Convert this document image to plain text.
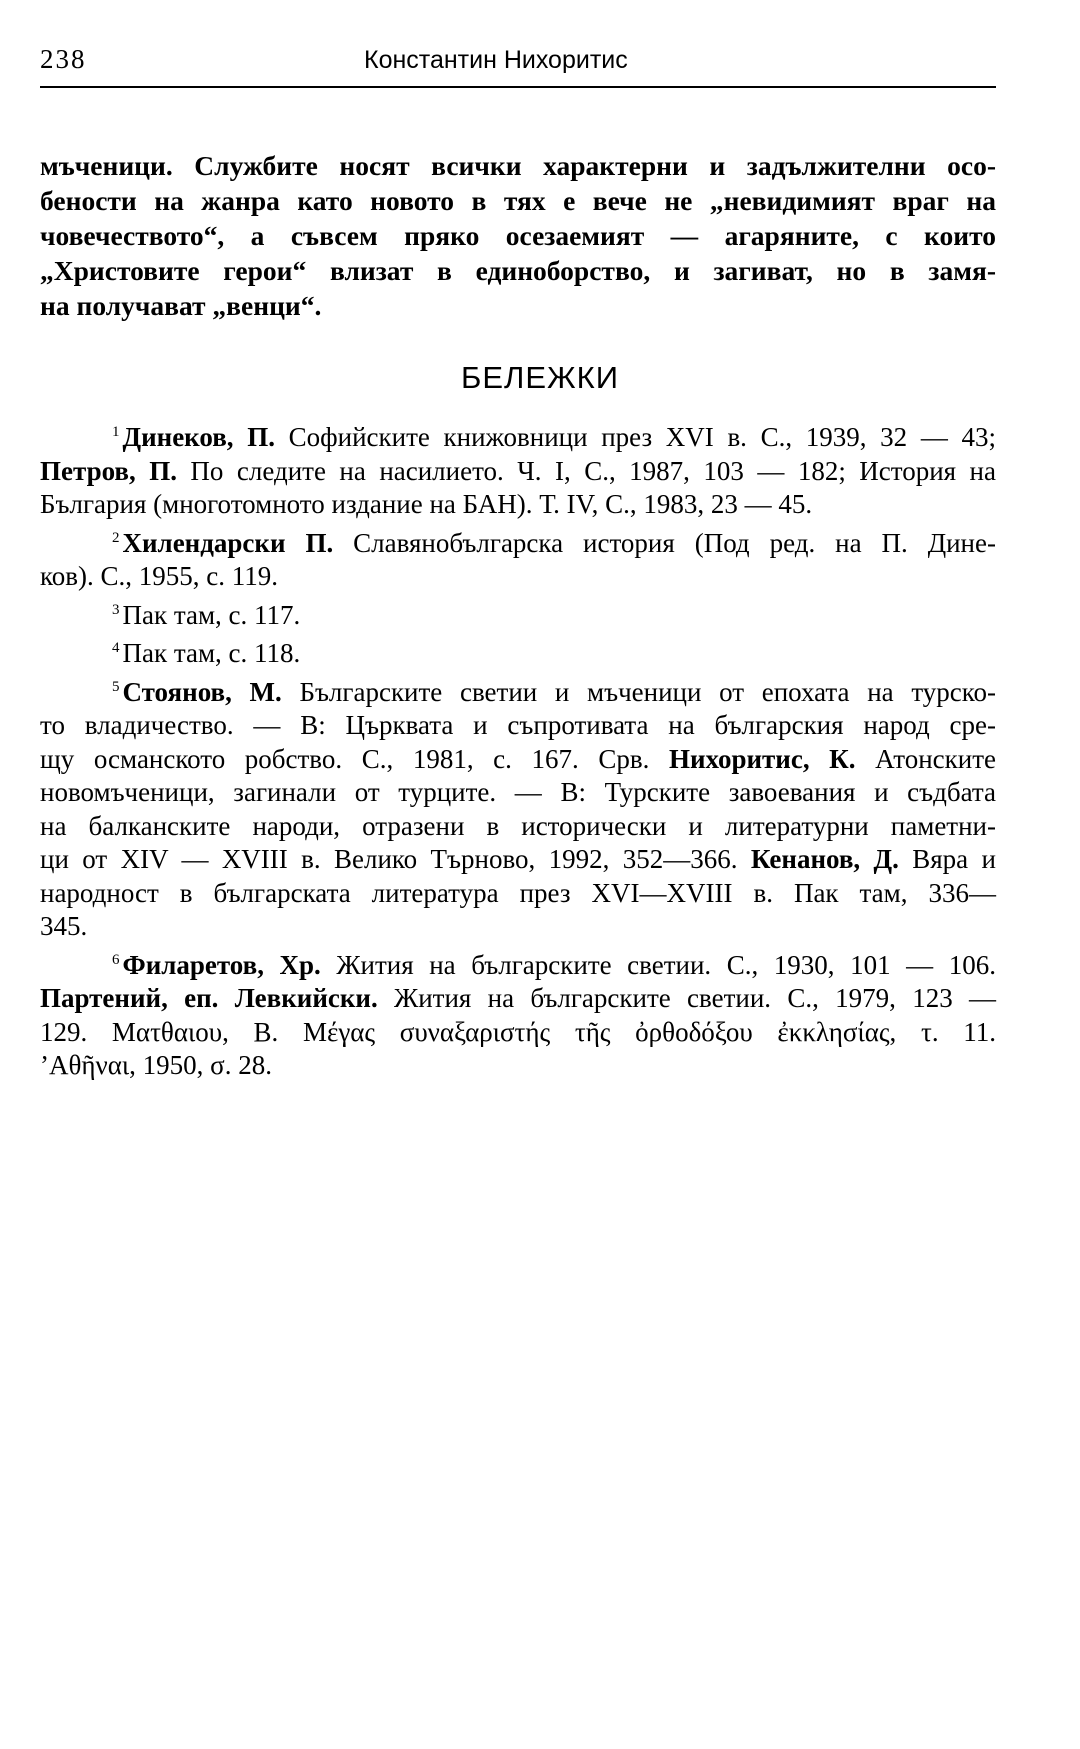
238	Константин Нихоритис
мъченици. Службите носят всички характерни и задължителни осо-
бености на жанра като новото в тях е вече не „невидимият враг на
човечеството“, а съвсем пряко осезаемият — агаряните, с които
„Христовите герои“ влизат в единоборство, и загиват, но в замя-
на получават „венци“.
БЕЛЕЖКИ
$^1$ Динеков, П. Софийските книжовници през XVI в. С., 1939, 32 — 43;
Петров, П. По следите на насилието. Ч. I, С., 1987, 103 — 182; История на
България (многотомното издание на БАН). Т. IV, С., 1983, 23 — 45.
$^2$ Хилендарски П. Славянобългарска история (Под ред. на П. Дине-
ков). С., 1955, с. 119.
$^3$ Пак там, с. 117.
$^4$ Пак там, с. 118.
$^5$ Стоянов, М. Българските светии и мъченици от епохата на турско-
то владичество. — В: Църквата и съпротивата на българския народ сре-
щу османското робство. С., 1981, с. 167. Срв. Нихоритис, К. Атонските
новомъченици, загинали от турците. — В: Турските завоевания и съдбата
на балканските народи, отразени в исторически и литературни паметни-
ци от XIV — XVIII в. Велико Търново, 1992, 352—366. Кенанов, Д. Вяра и
народност в българската литература през XVI—XVIII в. Пак там, 336—
345.
$^6$ Филаретов, Хр. Жития на българските светии. С., 1930, 101 — 106.
Партений, еп. Левкийски. Жития на българските светии. С., 1979, 123 —
129. Ματθαιου, Β. Μέγας συναξαριστής τῆς ὀρθοδόξου ἐκκλησίας, τ. 11.
’Αθῆναι, 1950, σ. 28.
